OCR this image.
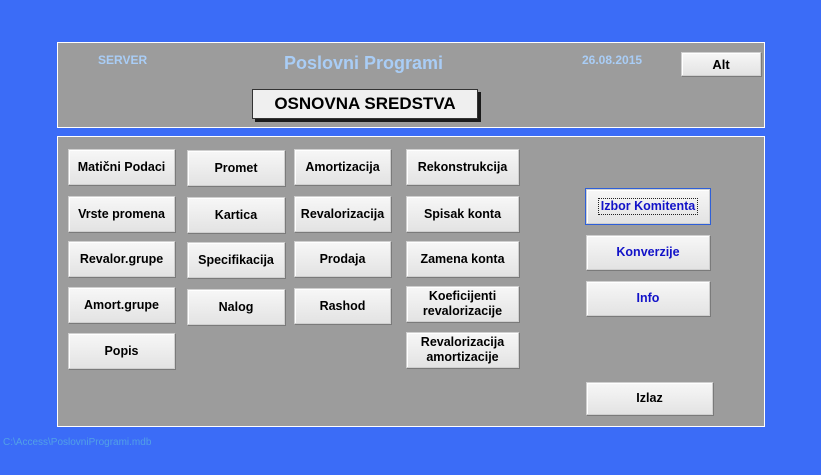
SERVER	Poslovni Programi	26.08.2015	Alt
OSNOVNA SREDSTVA
Matični Podaci
Vrste promena
Revalor.grupe
Amort.grupe
Popis
Promet
Kartica
Specifikacija
Nalog
Amortizacija
Revalorizacija
Prodaja
Rashod
Rekonstrukcija
Spisak konta
Zamena konta
Koeficijenti revalorizacije
Revalorizacija amortizacije
Izbor Komitenta
Konverzije
Info
Izlaz
C:\Access\PoslovniProgrami.mdb
